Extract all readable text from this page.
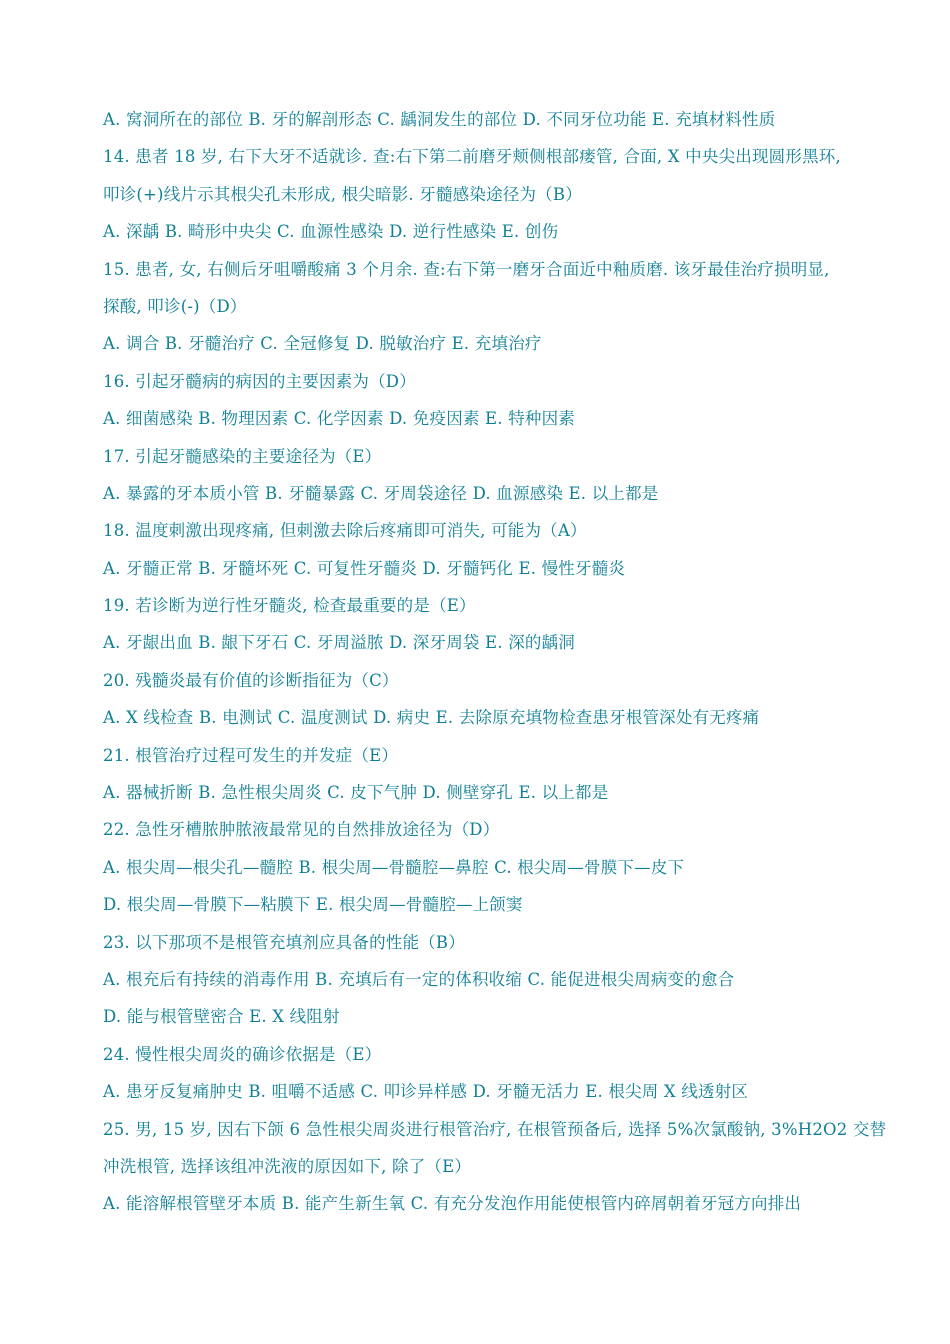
A. 窝洞所在的部位 B. 牙的解剖形态 C. 龋洞发生的部位 D. 不同牙位功能 E. 充填材料性质
14. 患者 18 岁, 右下大牙不适就诊. 查:右下第二前磨牙颊侧根部瘘管, 合面, X 中央尖出现圆形黑环,
叩诊(+)线片示其根尖孔未形成, 根尖暗影. 牙髓感染途径为（B）
A. 深龋 B. 畸形中央尖 C. 血源性感染 D. 逆行性感染 E. 创伤
15. 患者, 女, 右侧后牙咀嚼酸痛 3 个月余. 查:右下第一磨牙合面近中釉质磨. 该牙最佳治疗损明显,
探酸, 叩诊(-)（D）
A. 调合 B. 牙髓治疗 C. 全冠修复 D. 脱敏治疗 E. 充填治疗
16. 引起牙髓病的病因的主要因素为（D）
A. 细菌感染 B. 物理因素 C. 化学因素 D. 免疫因素 E. 特种因素
17. 引起牙髓感染的主要途径为（E）
A. 暴露的牙本质小管 B. 牙髓暴露 C. 牙周袋途径 D. 血源感染 E. 以上都是
18. 温度刺激出现疼痛, 但刺激去除后疼痛即可消失, 可能为（A）
A. 牙髓正常 B. 牙髓坏死 C. 可复性牙髓炎 D. 牙髓钙化 E. 慢性牙髓炎
19. 若诊断为逆行性牙髓炎, 检查最重要的是（E）
A. 牙龈出血 B. 龈下牙石 C. 牙周溢脓 D. 深牙周袋 E. 深的龋洞
20. 残髓炎最有价值的诊断指征为（C）
A. X 线检查 B. 电测试 C. 温度测试 D. 病史 E. 去除原充填物检查患牙根管深处有无疼痛
21. 根管治疗过程可发生的并发症（E）
A. 器械折断 B. 急性根尖周炎 C. 皮下气肿 D. 侧壁穿孔 E. 以上都是
22. 急性牙槽脓肿脓液最常见的自然排放途径为（D）
A. 根尖周—根尖孔—髓腔 B. 根尖周—骨髓腔—鼻腔 C. 根尖周—骨膜下—皮下
D. 根尖周—骨膜下—粘膜下 E. 根尖周—骨髓腔—上颌窦
23. 以下那项不是根管充填剂应具备的性能（B）
A. 根充后有持续的消毒作用 B. 充填后有一定的体积收缩 C. 能促进根尖周病变的愈合
D. 能与根管壁密合 E. X 线阻射
24. 慢性根尖周炎的确诊依据是（E）
A. 患牙反复痛肿史 B. 咀嚼不适感 C. 叩诊异样感 D. 牙髓无活力 E. 根尖周 X 线透射区
25. 男, 15 岁, 因右下颌 6 急性根尖周炎进行根管治疗, 在根管预备后, 选择 5%次氯酸钠, 3%H2O2 交替
冲洗根管, 选择该组冲洗液的原因如下, 除了（E）
A. 能溶解根管壁牙本质 B. 能产生新生氧 C. 有充分发泡作用能使根管内碎屑朝着牙冠方向排出
